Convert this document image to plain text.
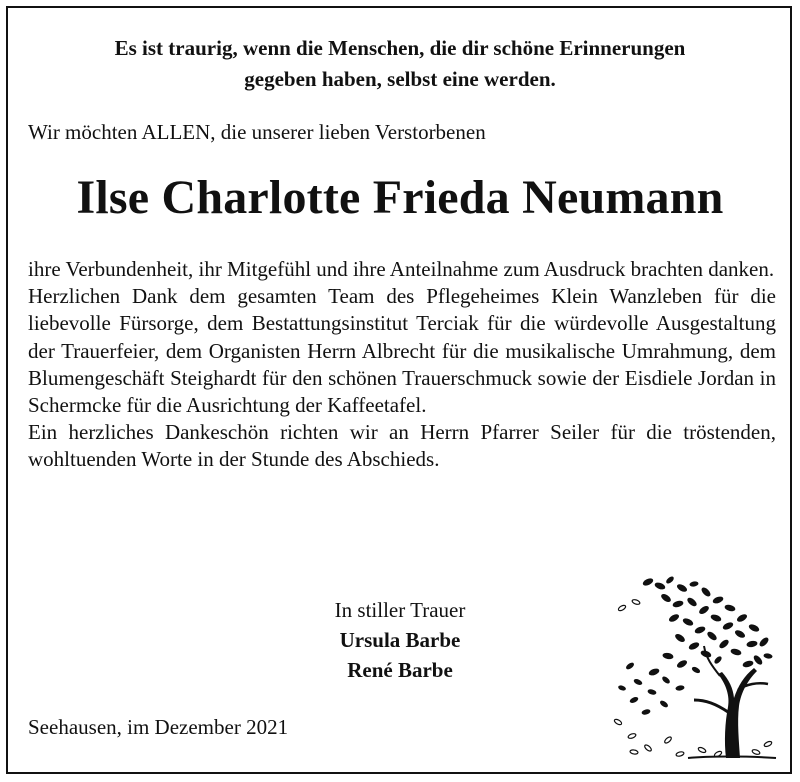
Es ist traurig, wenn die Menschen, die dir schöne Erinnerungen
gegeben haben, selbst eine werden.
Wir möchten ALLEN, die unserer lieben Verstorbenen
Ilse Charlotte Frieda Neumann

ihre Verbundenheit, ihr Mitgefühl und ihre Anteilnahme zum Ausdruck brachten danken.

Herzlichen Dank dem gesamten Team des Pflegeheimes Klein Wanzleben für die liebevolle Fürsorge, dem Bestattungsinstitut Terciak für die würdevolle Ausgestaltung der Trauerfeier, dem Organisten Herrn Albrecht für die musikalische Umrahmung, dem Blumengeschäft Steighardt für den schönen Trauerschmuck sowie der Eisdiele Jordan in Schermcke für die Ausrichtung der Kaffeetafel.

Ein herzliches Dankeschön richten wir an Herrn Pfarrer Seiler für die tröstenden, wohltuenden Worte in der Stunde des Abschieds.

In stiller Trauer
Ursula Barbe
René Barbe
Seehausen, im Dezember 2021
